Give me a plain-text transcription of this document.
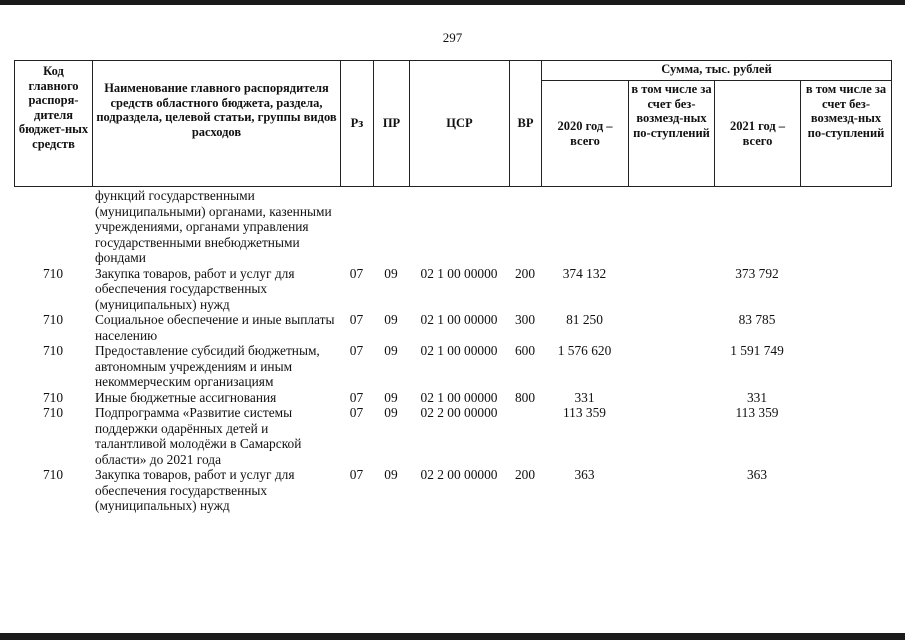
297
Код главного распоря-дителя бюджет-ных средств	Наименование главного распорядителя средств областного бюджета, раздела, подраздела, целевой статьи, группы видов расходов	Рз	ПР	ЦСР	ВР	Сумма, тыс. рублей			
						2020 год – всего	в том числе за счет без-возмезд-ных по-ступлений	2021 год – всего	в том числе за счет без-возмезд-ных по-ступлений
	функций государственными (муниципальными) органами, казенными учреждениями, органами управления государственными внебюджетными фондами								
710	Закупка товаров, работ и услуг для обеспечения государственных (муниципальных) нужд	07	09	02 1 00 00000	200	374 132		373 792	
710	Социальное обеспечение и иные выплаты населению	07	09	02 1 00 00000	300	81 250		83 785	
710	Предоставление субсидий бюджетным, автономным учреждениям и иным некоммерческим организациям	07	09	02 1 00 00000	600	1 576 620		1 591 749	
710	Иные бюджетные ассигнования	07	09	02 1 00 00000	800	331		331	
710	Подпрограмма «Развитие системы поддержки одарённых детей и талантливой молодёжи в Самарской области» до 2021 года	07	09	02 2 00 00000		113 359		113 359	
710	Закупка товаров, работ и услуг для обеспечения государственных (муниципальных) нужд	07	09	02 2 00 00000	200	363		363	
